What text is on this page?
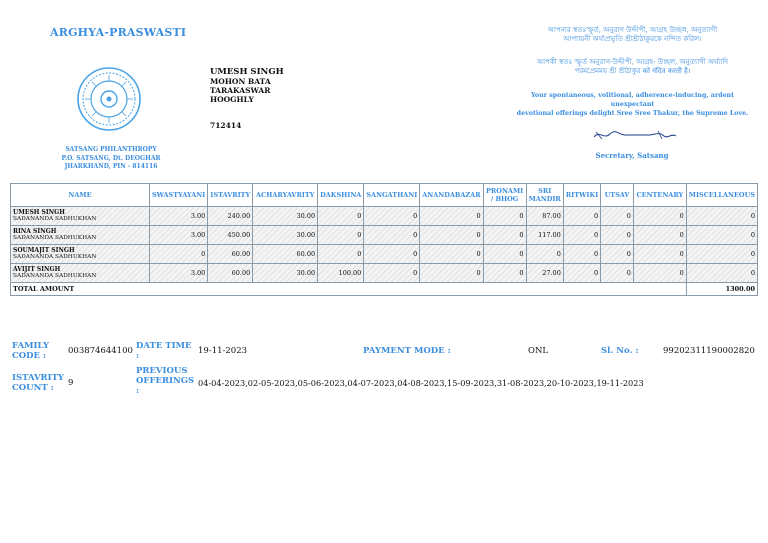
ARGHYA-PRASWASTI
SATSANG PHILANTHROPY
P.O. SATSANG, Dt. DEOGHAR
JHARKHAND, PIN - 814116
UMESH SINGH
MOHON BATA
TARAKASWAR
HOOGHLY
712414
আপনার স্বতঃস্ফূর্ত, অনুরাগ উদ্দীপী, আগ্রহ উচ্ছল, অনুত্যাগী
আপ্যায়নী অর্ঘ্যপ্রভৃতি শ্রীশ্রীঠাকুরকে নন্দিত করিল।
আপকী স্বতঃ স্ফূর্ত অনুরাগ-উদ্দীপী, আগ্রহ- উচ্ছল, অনুত্যাগী অর্ঘ্যাদি
পরমপ্রেমময় শ্রী শ্রীঠাকুর को नंदित करती है।
Your spontaneous, volitional, adherence-inducing, ardent unexpectant
devotional offerings delight Sree Sree Thakur, the Supreme Love.
Secretary, Satsang
NAME	SWASTYAYANI	ISTAVRITY	ACHARYAVRITY	DAKSHINA	SANGATHANI	ANANDABAZAR	PRONAMI / BHOG	SRI MANDIR	RITWIKI	UTSAV	CENTENARY	MISCELLANEOUS

UMESH SINGH
SADANANDA SADHUKHAN	3.00	240.00	30.00	0	0	0	0	87.00	0	0	0	0

RINA SINGH
SADANANDA SADHUKHAN	3.00	450.00	30.00	0	0	0	0	117.00	0	0	0	0

SOUMAJIT SINGH
SADANANDA SADHUKHAN	0	60.00	60.00	0	0	0	0	0	0	0	0	0

AVIJIT SINGH
SADANANDA SADHUKHAN	3.00	60.00	30.00	100.00	0	0	0	27.00	0	0	0	0
TOTAL AMOUNT												1300.00
FAMILY CODE :	003874644100 DATE TIME :	19-11-2023	PAYMENT MODE :	ONL	Sl. No. :	99202311190002820
ISTAVRITY COUNT :	9
PREVIOUS OFFERINGS :
04-04-2023,02-05-2023,05-06-2023,04-07-2023,04-08-2023,15-09-2023,31-08-2023,20-10-2023,19-11-2023
